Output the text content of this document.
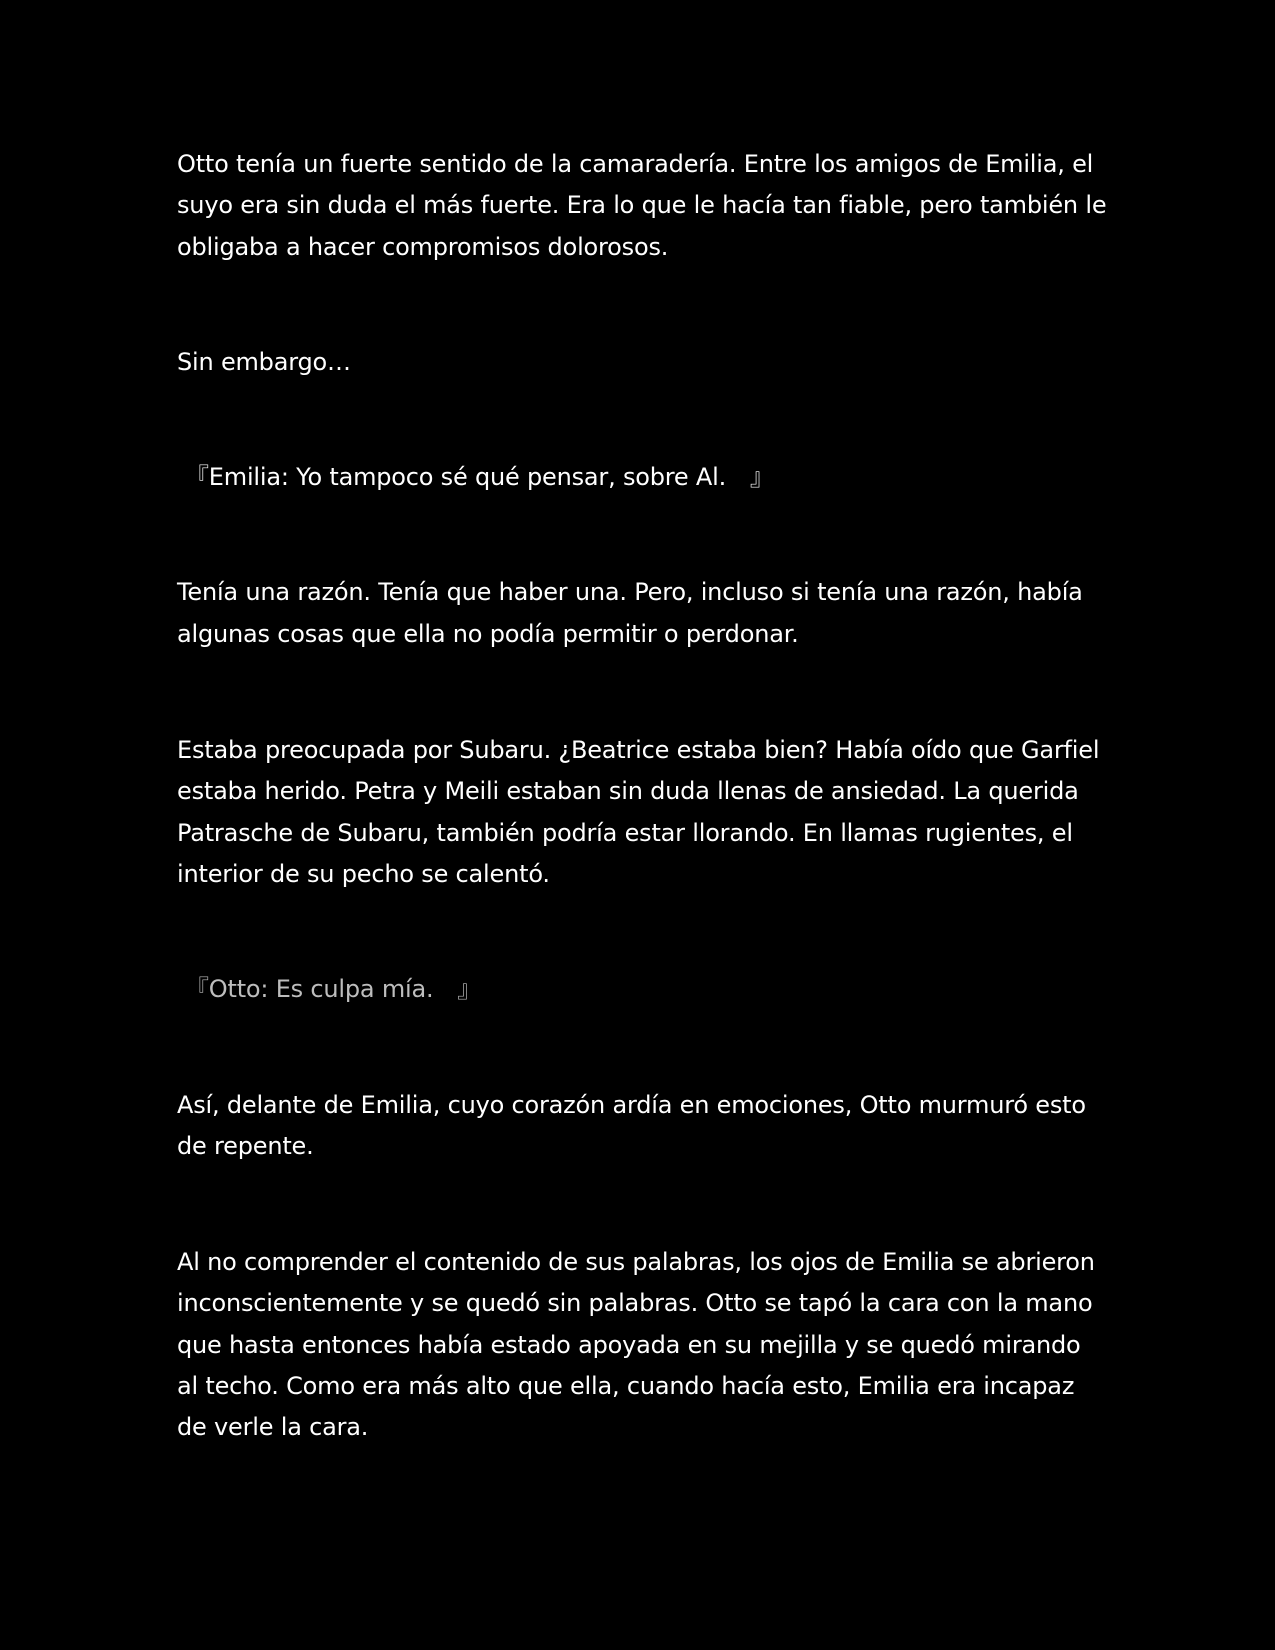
Otto tenía un fuerte sentido de la camaradería. Entre los amigos de Emilia, el suyo era sin duda el más fuerte. Era lo que le hacía tan fiable, pero también le obligaba a hacer compromisos dolorosos.

Sin embargo…

『Emilia: Yo tampoco sé qué pensar, sobre Al.　』

Tenía una razón. Tenía que haber una. Pero, incluso si tenía una razón, había algunas cosas que ella no podía permitir o perdonar.

Estaba preocupada por Subaru. ¿Beatrice estaba bien? Había oído que Garfiel estaba herido. Petra y Meili estaban sin duda llenas de ansiedad. La querida Patrasche de Subaru, también podría estar llorando. En llamas rugientes, el interior de su pecho se calentó.

『Otto: Es culpa mía.　』

Así, delante de Emilia, cuyo corazón ardía en emociones, Otto murmuró esto de repente.

Al no comprender el contenido de sus palabras, los ojos de Emilia se abrieron inconscientemente y se quedó sin palabras. Otto se tapó la cara con la mano que hasta entonces había estado apoyada en su mejilla y se quedó mirando al techo. Como era más alto que ella, cuando hacía esto, Emilia era incapaz de verle la cara.
